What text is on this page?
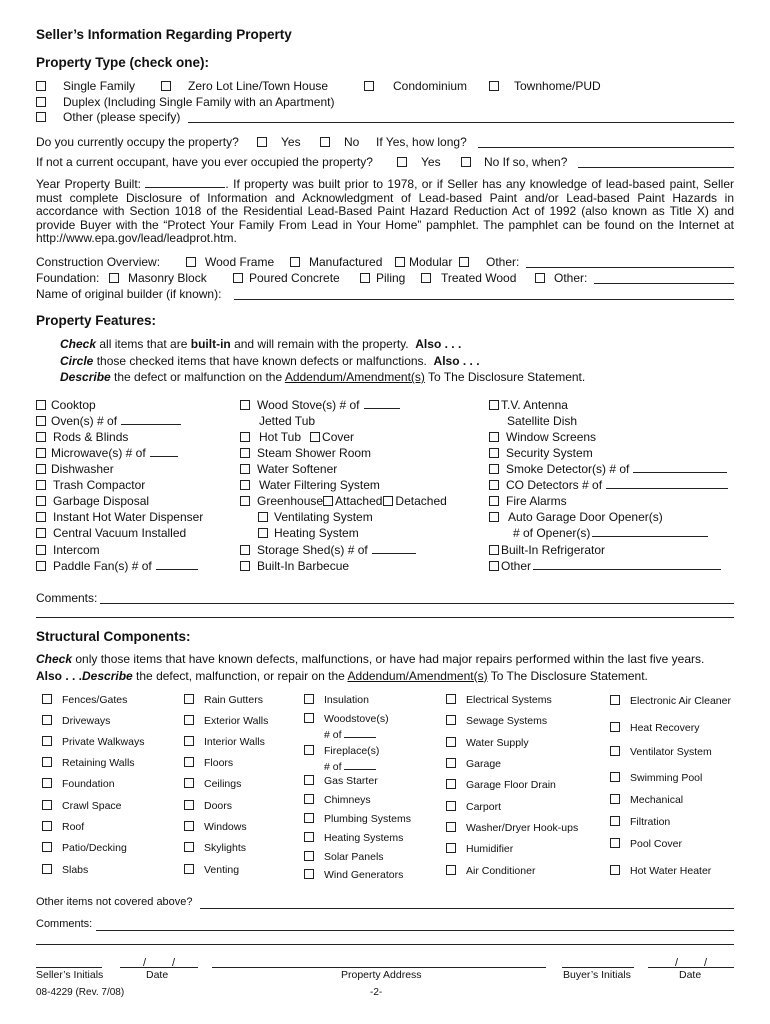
Seller’s Information Regarding Property
Property Type (check one):
Single Family	Zero Lot Line/Town House	Condominium	Townhome/PUD
Duplex (Including Single Family with an Apartment)
Other (please specify)
Do you currently occupy the property?	Yes	No If Yes, how long?
If not a current occupant, have you ever occupied the property?	Yes	No If so, when?
Year Property Built:	. If property was built prior to 1978, or if Seller has any knowledge of lead-based paint, Seller must complete Disclosure of Information and Acknowledgment of Lead-based Paint and/or Lead-based Paint Hazards in accordance with Section 1018 of the Residential Lead-Based Paint Hazard Reduction Act of 1992 (also known as Title X) and provide Buyer with the “Protect Your Family From Lead in Your Home” pamphlet. The pamphlet can be found on the Internet at http://www.epa.gov/lead/leadprot.htm.
Construction Overview:	Wood Frame	Manufactured	Modular	Other:
Foundation:	Masonry Block	Poured Concrete	Piling	Treated Wood	Other:
Name of original builder (if known):
Property Features:
Check all items that are built-in and will remain with the property. Also . . .
Circle those checked items that have known defects or malfunctions. Also . . .
Describe the defect or malfunction on the Addendum/Amendment(s) To The Disclosure Statement.
Cooktop
Oven(s) # of
Rods & Blinds
Microwave(s) # of
Dishwasher
Trash Compactor
Garbage Disposal
Instant Hot Water Dispenser
Central Vacuum Installed
Intercom
Paddle Fan(s) # of
Wood Stove(s) # of
Jetted Tub
Hot Tub Cover
Steam Shower Room
Water Softener
Water Filtering System
Greenhouse Attached Detached
Ventilating System
Heating System
Storage Shed(s) # of
Built-In Barbecue
T.V. Antenna
Satellite Dish
Window Screens
Security System
Smoke Detector(s) # of
CO Detectors # of
Fire Alarms
Auto Garage Door Opener(s)
# of Opener(s)
Built-In Refrigerator
Other
Comments:
Structural Components:
Check only those items that have known defects, malfunctions, or have had major repairs performed within the last five years.
Also . . .Describe the defect, malfunction, or repair on the Addendum/Amendment(s) To The Disclosure Statement.
Fences/Gates
Driveways
Private Walkways
Retaining Walls
Foundation
Crawl Space
Roof
Patio/Decking
Slabs
Rain Gutters
Exterior Walls
Interior Walls
Floors
Ceilings
Doors
Windows
Skylights
Venting
Insulation
Woodstove(s)
# of
Fireplace(s)
# of
Gas Starter
Chimneys
Plumbing Systems
Heating Systems
Solar Panels
Wind Generators
Electrical Systems
Sewage Systems
Water Supply
Garage
Garage Floor Drain
Carport
Washer/Dryer Hook-ups
Humidifier
Air Conditioner
Electronic Air Cleaner
Heat Recovery
Ventilator System
Swimming Pool
Mechanical
Filtration
Pool Cover
Hot Water Heater
Other items not covered above?
Comments:
/ /	/ /
Seller’s Initials	Date	Property Address	Buyer’s Initials	Date
08-4229 (Rev. 7/08)	-2-
